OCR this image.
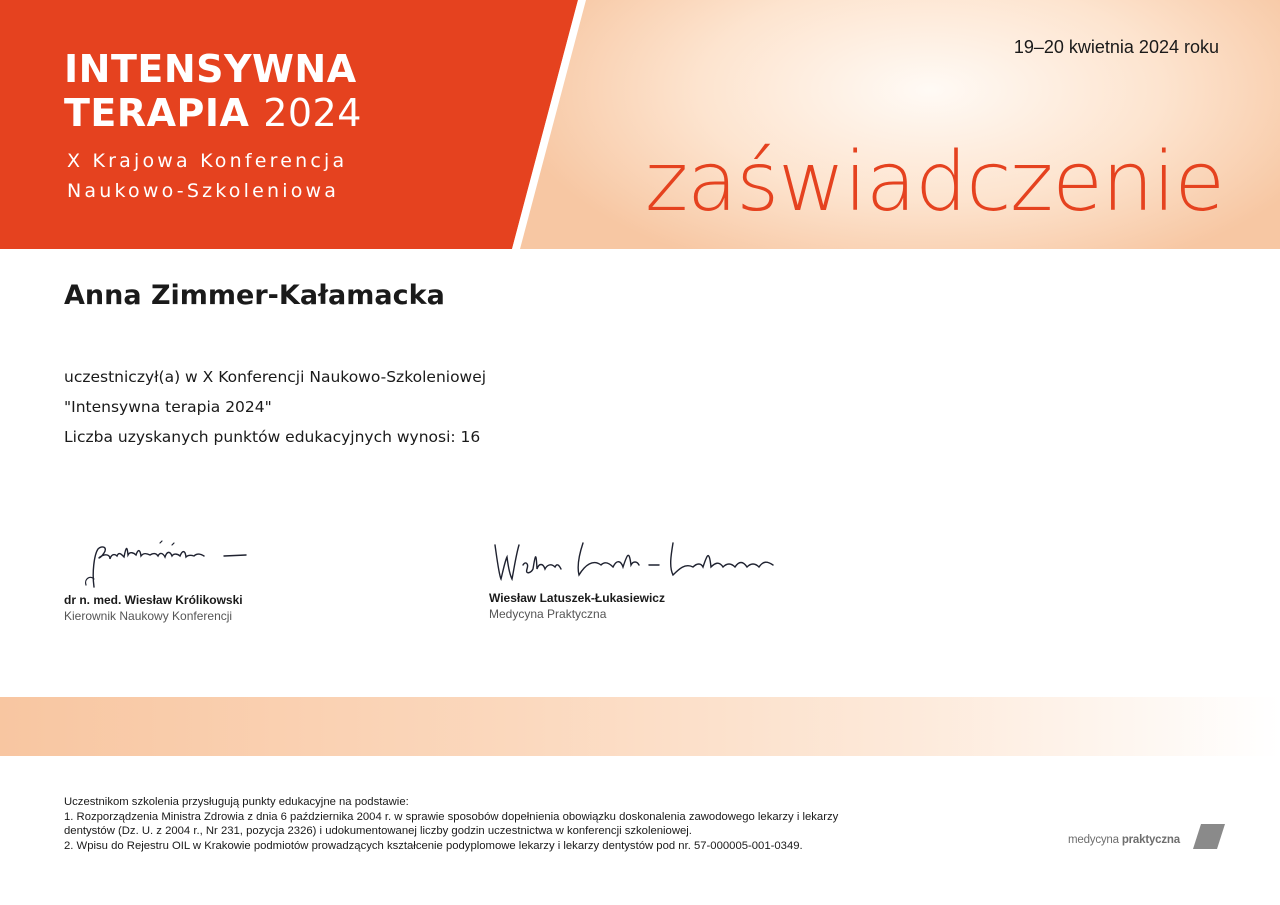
INTENSYWNA
TERAPIA 2024
X Krajowa Konferencja
Naukowo-Szkoleniowa
19–20 kwietnia 2024 roku
zaświadczenie
Anna Zimmer-Kałamacka
uczestniczył(a) w X Konferencji Naukowo-Szkoleniowej
"Intensywna terapia 2024"
Liczba uzyskanych punktów edukacyjnych wynosi: 16
dr n. med. Wiesław Królikowski
Kierownik Naukowy Konferencji
Wiesław Latuszek-Łukasiewicz
Medycyna Praktyczna
Uczestnikom szkolenia przysługują punkty edukacyjne na podstawie:
1. Rozporządzenia Ministra Zdrowia z dnia 6 października 2004 r. w sprawie sposobów dopełnienia obowiązku doskonalenia zawodowego lekarzy i lekarzy
dentystów (Dz. U. z 2004 r., Nr 231, pozycja 2326) i udokumentowanej liczby godzin uczestnictwa w konferencji szkoleniowej.
2. Wpisu do Rejestru OIL w Krakowie podmiotów prowadzących kształcenie podyplomowe lekarzy i lekarzy dentystów pod nr. 57-000005-001-0349.	medycyna praktyczna
